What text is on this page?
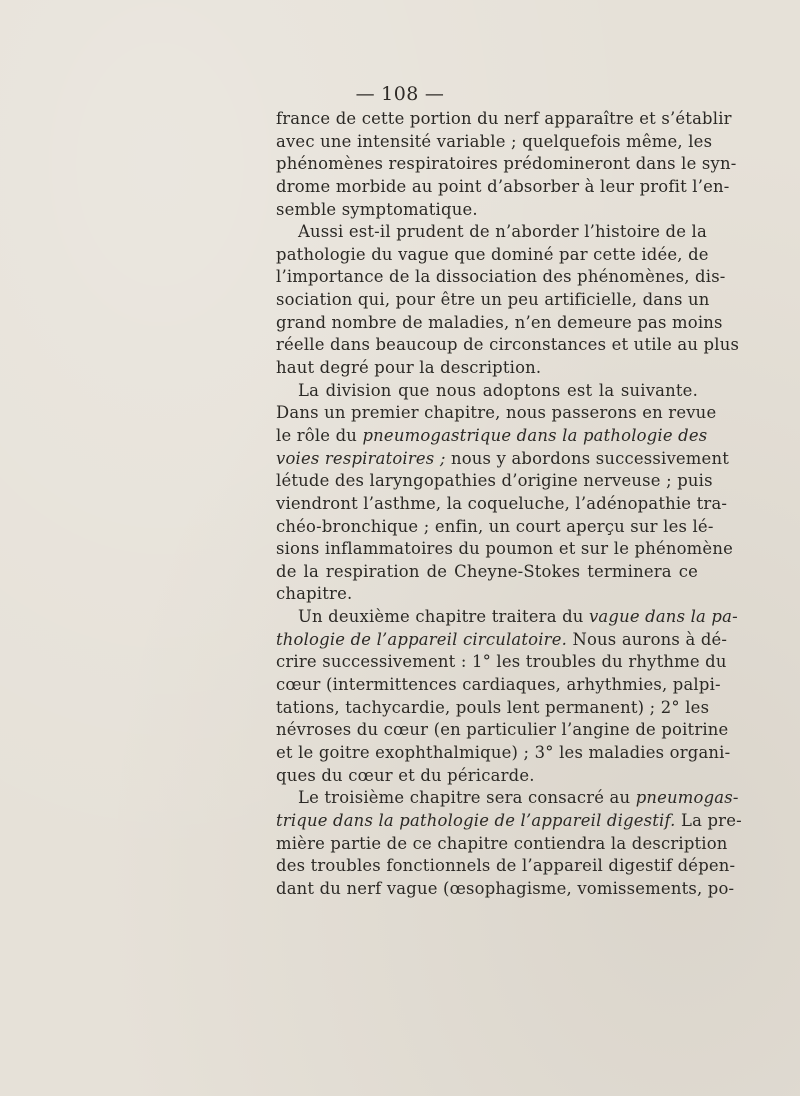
— 108 —
france de cette portion du nerf apparaître et s’établir
avec une intensité variable ; quelquefois même, les
phénomènes respiratoires prédomineront dans le syn-
drome morbide au point d’absorber à leur profit l’en-
semble symptomatique.
Aussi est-il prudent de n’aborder l’histoire de la
pathologie du vague que dominé par cette idée, de
l’importance de la dissociation des phénomènes, dis-
sociation qui, pour être un peu artificielle, dans un
grand nombre de maladies, n’en demeure pas moins
réelle dans beaucoup de circonstances et utile au plus
haut degré pour la description.
La division que nous adoptons est la suivante.
Dans un premier chapitre, nous passerons en revue
le rôle du pneumogastrique dans la pathologie des
voies respiratoires ; nous y abordons successivement
létude des laryngopathies d’origine nerveuse ; puis
viendront l’asthme, la coqueluche, l’adénopathie tra-
chéo-bronchique ; enfin, un court aperçu sur les lé-
sions inflammatoires du poumon et sur le phénomène
de la respiration de Cheyne-Stokes terminera ce
chapitre.
Un deuxième chapitre traitera du vague dans la pa-
thologie de l’appareil circulatoire. Nous aurons à dé-
crire successivement : 1° les troubles du rhythme du
cœur (intermittences cardiaques, arhythmies, palpi-
tations, tachycardie, pouls lent permanent) ; 2° les
névroses du cœur (en particulier l’angine de poitrine
et le goitre exophthalmique) ; 3° les maladies organi-
ques du cœur et du péricarde.
Le troisième chapitre sera consacré au pneumogas-
trique dans la pathologie de l’appareil digestif. La pre-
mière partie de ce chapitre contiendra la description
des troubles fonctionnels de l’appareil digestif dépen-
dant du nerf vague (œsophagisme, vomissements, po-
